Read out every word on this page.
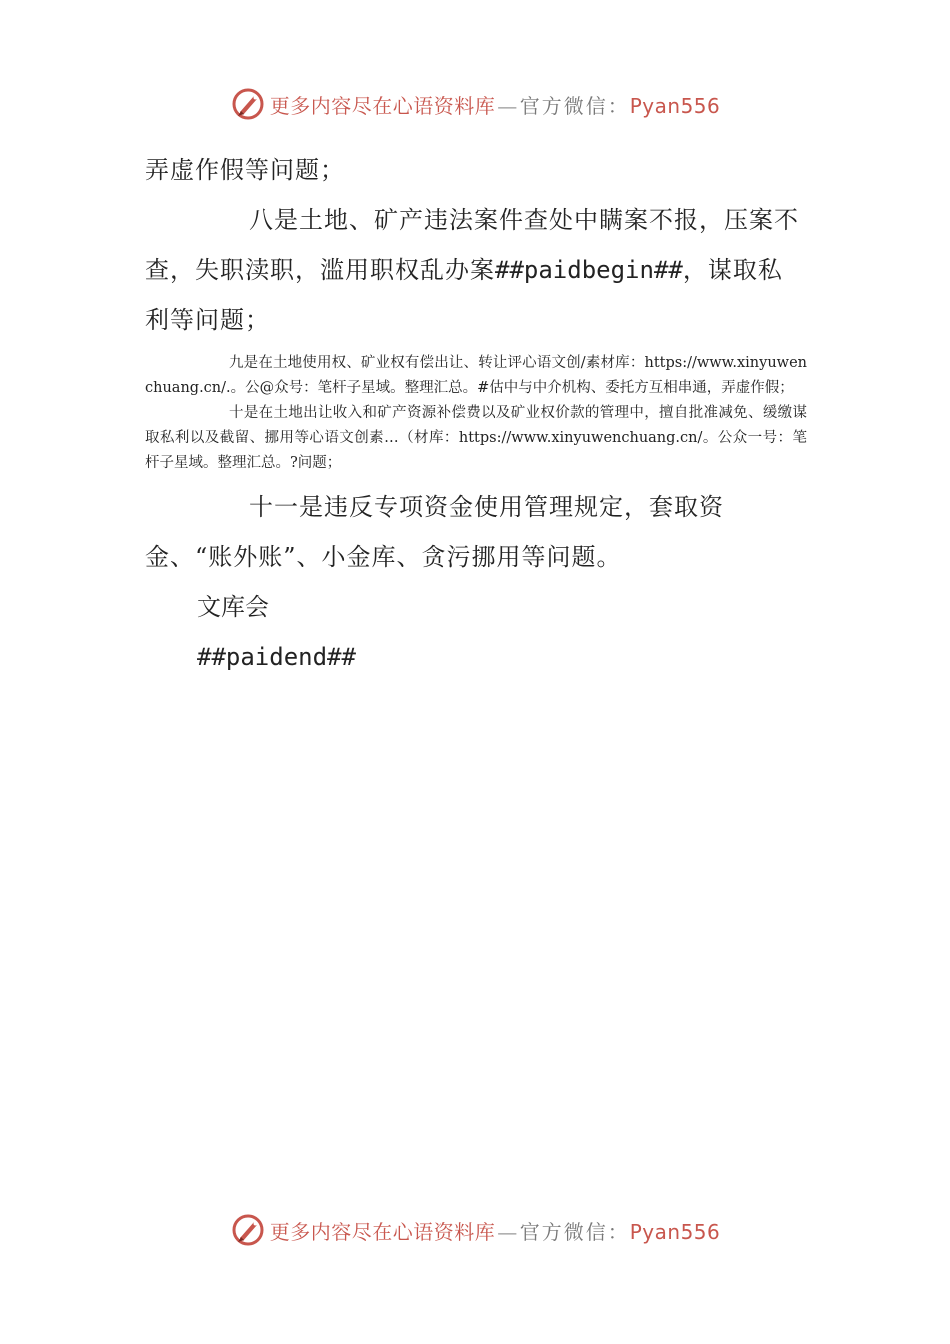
更多内容尽在心语资料库 — 官方微信：Pyan556

弄虚作假等问题；

八是土地、矿产违法案件查处中瞒案不报，压案不查，失职渎职，滥用职权乱办案##paidbegin##，谋取私利等问题；

九是在土地使用权、矿业权有偿出让、转让评心语文创/素材库：https://www.xinyuwenchuang.cn/.。公@众号：笔杆子星域。整理汇总。#估中与中介机构、委托方互相串通，弄虚作假；

十是在土地出让收入和矿产资源补偿费以及矿业权价款的管理中，擅自批准减免、缓缴谋取私利以及截留、挪用等心语文创素…（材库：https://www.xinyuwenchuang.cn/。公众一号：笔杆子星域。整理汇总。?问题；

十一是违反专项资金使用管理规定，套取资金、“账外账”、小金库、贪污挪用等问题。

文库会

##paidend##

更多内容尽在心语资料库 — 官方微信：Pyan556
